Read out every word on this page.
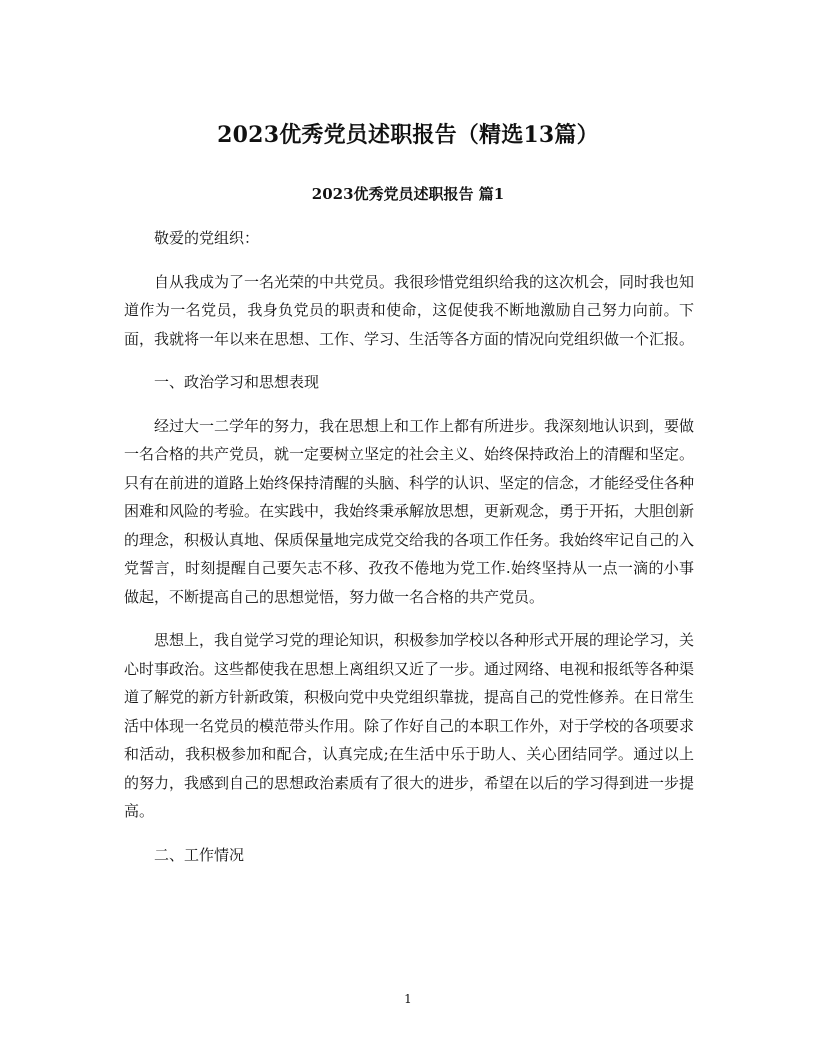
2023优秀党员述职报告（精选13篇）
2023优秀党员述职报告 篇1

敬爱的党组织：

自从我成为了一名光荣的中共党员。我很珍惜党组织给我的这次机会，同时我也知道作为一名党员，我身负党员的职责和使命，这促使我不断地激励自己努力向前。下面，我就将一年以来在思想、工作、学习、生活等各方面的情况向党组织做一个汇报。

一、政治学习和思想表现

经过大一二学年的努力，我在思想上和工作上都有所进步。我深刻地认识到，要做一名合格的共产党员，就一定要树立坚定的社会主义、始终保持政治上的清醒和坚定。只有在前进的道路上始终保持清醒的头脑、科学的认识、坚定的信念，才能经受住各种困难和风险的考验。在实践中，我始终秉承解放思想，更新观念，勇于开拓，大胆创新的理念，积极认真地、保质保量地完成党交给我的各项工作任务。我始终牢记自己的入党誓言，时刻提醒自己要矢志不移、孜孜不倦地为党工作.始终坚持从一点一滴的小事做起，不断提高自己的思想觉悟，努力做一名合格的共产党员。

思想上，我自觉学习党的理论知识，积极参加学校以各种形式开展的理论学习，关心时事政治。这些都使我在思想上离组织又近了一步。通过网络、电视和报纸等各种渠道了解党的新方针新政策，积极向党中央党组织靠拢，提高自己的党性修养。在日常生活中体现一名党员的模范带头作用。除了作好自己的本职工作外，对于学校的各项要求和活动，我积极参加和配合，认真完成;在生活中乐于助人、关心团结同学。通过以上的努力，我感到自己的思想政治素质有了很大的进步，希望在以后的学习得到进一步提高。

二、工作情况

1
